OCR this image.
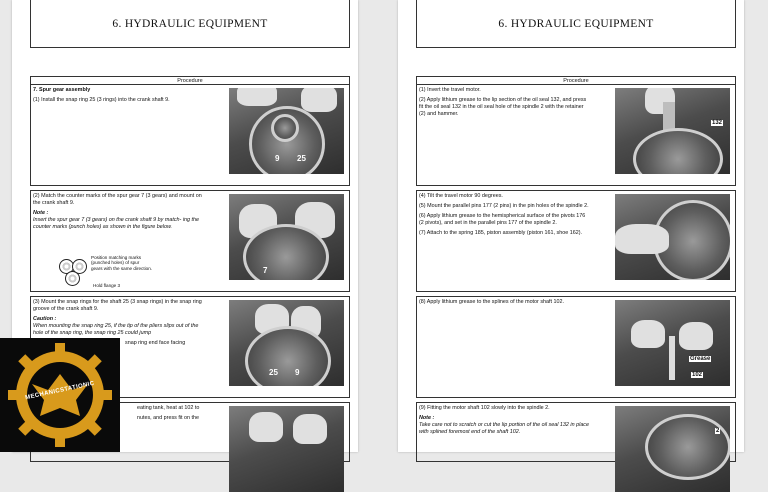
6. HYDRAULIC EQUIPMENT
Procedure

7. Spur gear assembly

(1) Install the snap ring 25 (3 rings) into the crank shaft 9.

9 25

(2) Match the counter marks of the spur gear 7 (3 gears) and mount on the crank shaft 9.

Note :

Insert the spur gear 7 (3 gears) on the crank shaft 9 by match- ing the counter marks (punch holes) as shown in the figure below.

Position matching marks
(punched holes) of spur
gears with the same direction.
Hold flange 3
7

(3) Mount the snap rings for the shaft 25 (3 snap rings) in the snap ring groove of the crank shaft 9.

Caution :

When mounting the snap ring 25, if the tip of the pliers slips out of the hole of the snap ring, the snap ring 25 could jump

snap ring end face facing

25 9

eating tank, heat at 102 to

nutes, and press fit on the

6. HYDRAULIC EQUIPMENT
Procedure

(1) Invert the travel motor.

(2) Apply lithium grease to the lip section of the oil seal 132, and press fit the oil seal 132 in the oil seal hole of the spindle 2 with the retainer (2) and hammer.

132

(4) Tilt the travel motor 90 degrees.

(5) Mount the parallel pins 177 (2 pins) in the pin holes of the spindle 2.

(6) Apply lithium grease to the hemispherical surface of the pivots 176 (2 pivots), and set in the parallel pins 177 of the spindle 2.

(7) Attach to the spring 185, piston assembly (piston 161, shoe 162).

(8) Apply lithium grease to the splines of the motor shaft 102.

Grease
102

(9) Fitting the motor shaft 102 slowly into the spindle 2.

Note :

Take care not to scratch or cut the lip portion of the oil seal 132 in place with splined foremost end of the shaft 102.	2
MECHANICSTATIONIC
